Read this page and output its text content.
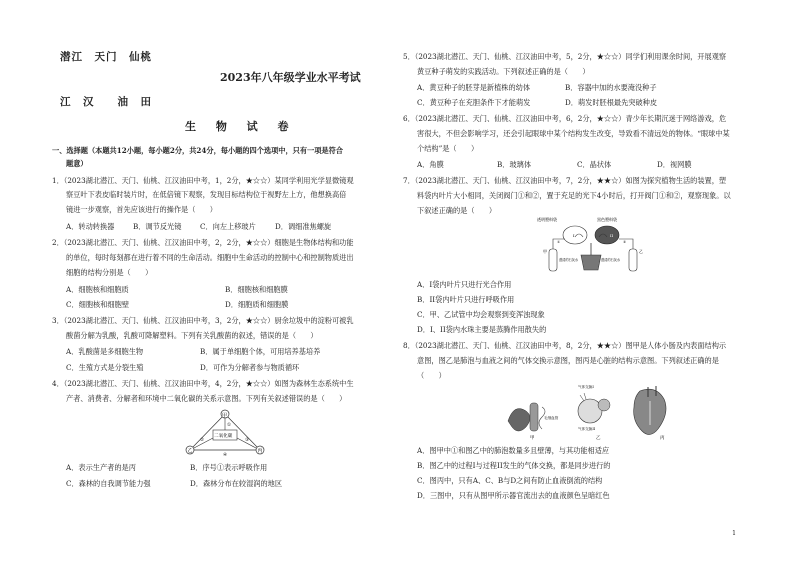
潜江　天门　仙桃
2023年八年级学业水平考试
江　汉　　油　田
生 物 试 卷
一、选择题（本题共12小题，每小题2分，共24分，每小题的四个选项中，只有一项是符合
题意）
1．（2023湖北潜江、天门、仙桃、江汉油田中考，1，2分，★☆☆）某同学利用光学显微镜观
察豆叶下表皮临时装片时，在低倍镜下观察，发现目标结构位于视野左上方，他想换高倍
镜进一步观察，首先应该进行的操作是（　　）
A．转动转换器	B．调节反光镜	C．向左上移玻片	D．调细准焦螺旋
2．（2023湖北潜江、天门、仙桃、江汉油田中考，2，2分，★☆☆）细胞是生物体结构和功能
的单位，每时每刻都在进行着不同的生命活动。细胞中生命活动的控制中心和控制物质进出
细胞的结构分别是（　　）
A．细胞核和细胞质	B．细胞核和细胞膜
C．细胞核和细胞壁	D．细胞质和细胞膜
3．（2023湖北潜江、天门、仙桃、江汉油田中考，3，2分，★☆☆）厨余垃圾中的淀粉可被乳
酸菌分解为乳酸，乳酸可降解塑料。下列有关乳酸菌的叙述，错误的是（　　）
A．乳酸菌是多细胞生物	B．属于单细胞个体，可用培养基培养
C．生殖方式是分裂生殖	D．可作为分解者参与物质循环
4．（2023湖北潜江、天门、仙桃、江汉油田中考，4，2分，★☆☆）如图为森林生态系统中生
产者、消费者、分解者和环境中二氧化碳的关系示意图。下列有关叙述错误的是（　　）
甲
乙	丙
二氧化碳
①
②	③
④
A．表示生产者的是丙	B．序号①表示呼吸作用
C．森林的自我调节能力强	D．森林分布在较湿润的地区
5．（2023湖北潜江、天门、仙桃、江汉油田中考，5，2分，★☆☆）同学们利用课余时间，开展观察
黄豆种子萌发的实践活动。下列叙述正确的是（　　）
A．黄豆种子的胚芽是新植株的幼体	B．容器中加的水要淹没种子
C．黄豆种子在充胆条件下才能萌发	D．萌发时胚根最先突破种皮
6．（2023湖北潜江、天门、仙桃、江汉油田中考，6，2分，★☆☆）青少年长期沉迷于网络游戏，危
害很大，不但会影响学习，还会引起眼球中某个结构发生改变，导致看不清远处的物体。“眼球中某
个结构”是（　　）
A．角膜	B．玻璃体	C．晶状体	D．视网膜
7．（2023湖北潜江、天门、仙桃、江汉油田中考，7，2分，★★☆）如图为探究植物生活的装置，塑
料袋内叶片大小相同，关闭阀门①和②，置于充足的光下4小时后，打开阀门①和②，观察现象。以
下叙述正确的是（　　）
透明塑料袋	黑色塑料袋
I	II
甲	乙
澄清的石灰水	澄清的石灰水
①	②
A．I袋内叶片只进行光合作用
B．II袋内叶片只进行呼吸作用
C．甲、乙试管中均会观察到变浑浊现象
D．I、II袋内水珠主要是蒸腾作用散失的
8．（2023湖北潜江、天门、仙桃、江汉油田中考，8，2分，★★☆）图甲是人体小肠及内表面结构示
意图，图乙是肺泡与血液之间的气体交换示意图，图丙是心脏的结构示意图。下列叙述正确的是
（　　）
毛细血管
甲
气体交换I
气体交换II
乙	丙
A．图甲中①和图乙中的肺泡数量多且壁薄，与其功能相适应
B．图乙中的过程I与过程II发生的气体交换，都是同步进行的
C．图丙中，只有A、C、B与D之间有防止血液倒流的结构
D．三图中，只有从图甲所示器官流出去的血液颜色呈暗红色
1
